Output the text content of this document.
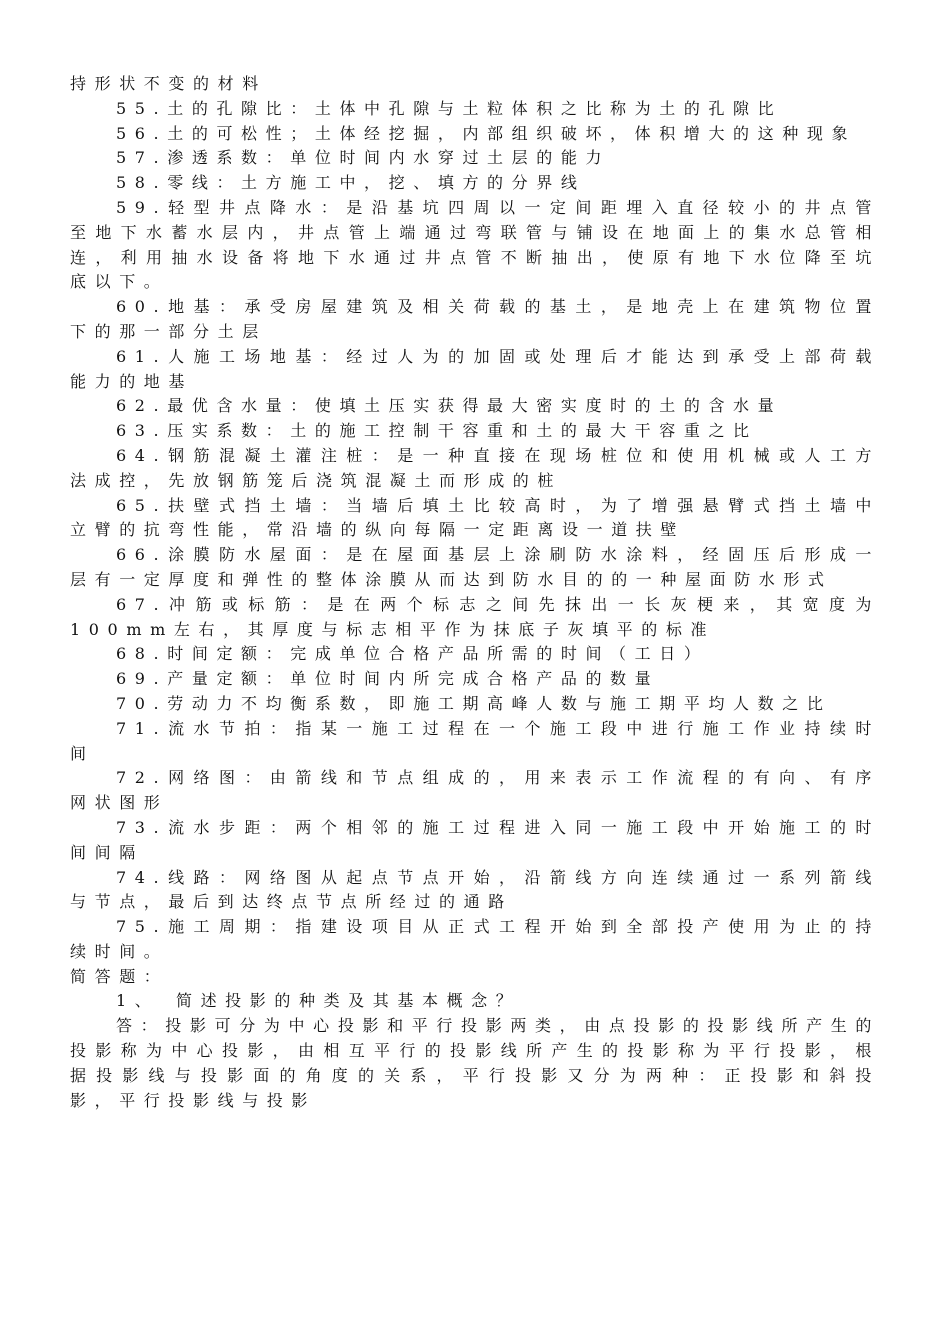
持形状不变的材料

55.土的孔隙比：土体中孔隙与土粒体积之比称为土的孔隙比

56.土的可松性；土体经挖掘，内部组织破坏，体积增大的这种现象

57.渗透系数：单位时间内水穿过土层的能力

58.零线：土方施工中，挖、填方的分界线

59.轻型井点降水：是沿基坑四周以一定间距埋入直径较小的井点管至地下水蓄水层内，井点管上端通过弯联管与铺设在地面上的集水总管相连，利用抽水设备将地下水通过井点管不断抽出，使原有地下水位降至坑底以下。

60.地基：承受房屋建筑及相关荷载的基土，是地壳上在建筑物位置下的那一部分土层

61.人施工场地基：经过人为的加固或处理后才能达到承受上部荷载能力的地基

62.最优含水量：使填土压实获得最大密实度时的土的含水量

63.压实系数：土的施工控制干容重和土的最大干容重之比

64.钢筋混凝土灌注桩：是一种直接在现场桩位和使用机械或人工方法成控，先放钢筋笼后浇筑混凝土而形成的桩

65.扶壁式挡土墙：当墙后填土比较高时，为了增强悬臂式挡土墙中立臂的抗弯性能，常沿墙的纵向每隔一定距离设一道扶壁

66.涂膜防水屋面：是在屋面基层上涂刷防水涂料，经固压后形成一层有一定厚度和弹性的整体涂膜从而达到防水目的的一种屋面防水形式

67.冲筋或标筋：是在两个标志之间先抹出一长灰梗来，其宽度为100mm左右，其厚度与标志相平作为抹底子灰填平的标准

68.时间定额：完成单位合格产品所需的时间（工日）

69.产量定额：单位时间内所完成合格产品的数量

70.劳动力不均衡系数，即施工期高峰人数与施工期平均人数之比

71.流水节拍：指某一施工过程在一个施工段中进行施工作业持续时间

72.网络图：由箭线和节点组成的，用来表示工作流程的有向、有序网状图形

73.流水步距：两个相邻的施工过程进入同一施工段中开始施工的时间间隔

74.线路：网络图从起点节点开始，沿箭线方向连续通过一系列箭线与节点，最后到达终点节点所经过的通路

75.施工周期：指建设项目从正式工程开始到全部投产使用为止的持续时间。

简答题：

1、　简述投影的种类及其基本概念？

答：投影可分为中心投影和平行投影两类，由点投影的投影线所产生的投影称为中心投影，由相互平行的投影线所产生的投影称为平行投影，根据投影线与投影面的角度的关系，平行投影又分为两种：正投影和斜投影，平行投影线与投影
